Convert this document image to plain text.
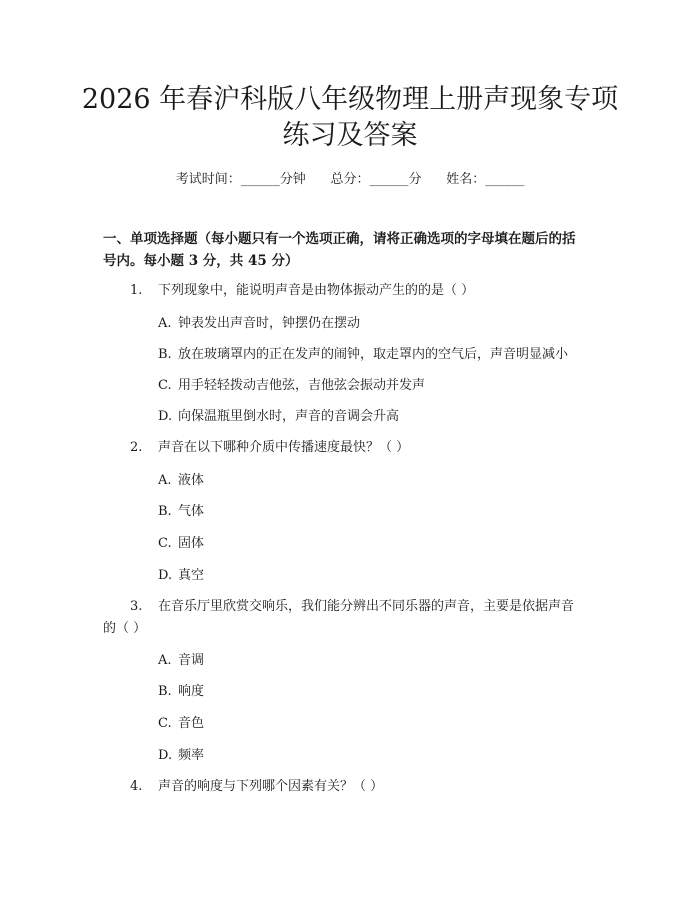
2026 年春沪科版八年级物理上册声现象专项
练习及答案
考试时间：______分钟      总分：______分      姓名：______

一、单项选择题（每小题只有一个选项正确，请将正确选项的字母填在题后的括

号内。每小题 3 分，共 45 分）

1. 下列现象中，能说明声音是由物体振动产生的的是（ ）
A. 钟表发出声音时，钟摆仍在摆动
B. 放在玻璃罩内的正在发声的闹钟，取走罩内的空气后，声音明显减小
C. 用手轻轻拨动吉他弦，吉他弦会振动并发声
D. 向保温瓶里倒水时，声音的音调会升高
2. 声音在以下哪种介质中传播速度最快？（ ）
A. 液体
B. 气体
C. 固体
D. 真空
3. 在音乐厅里欣赏交响乐，我们能分辨出不同乐器的声音，主要是依据声音
的（ ）
A. 音调
B. 响度
C. 音色
D. 频率
4. 声音的响度与下列哪个因素有关？（ ）
